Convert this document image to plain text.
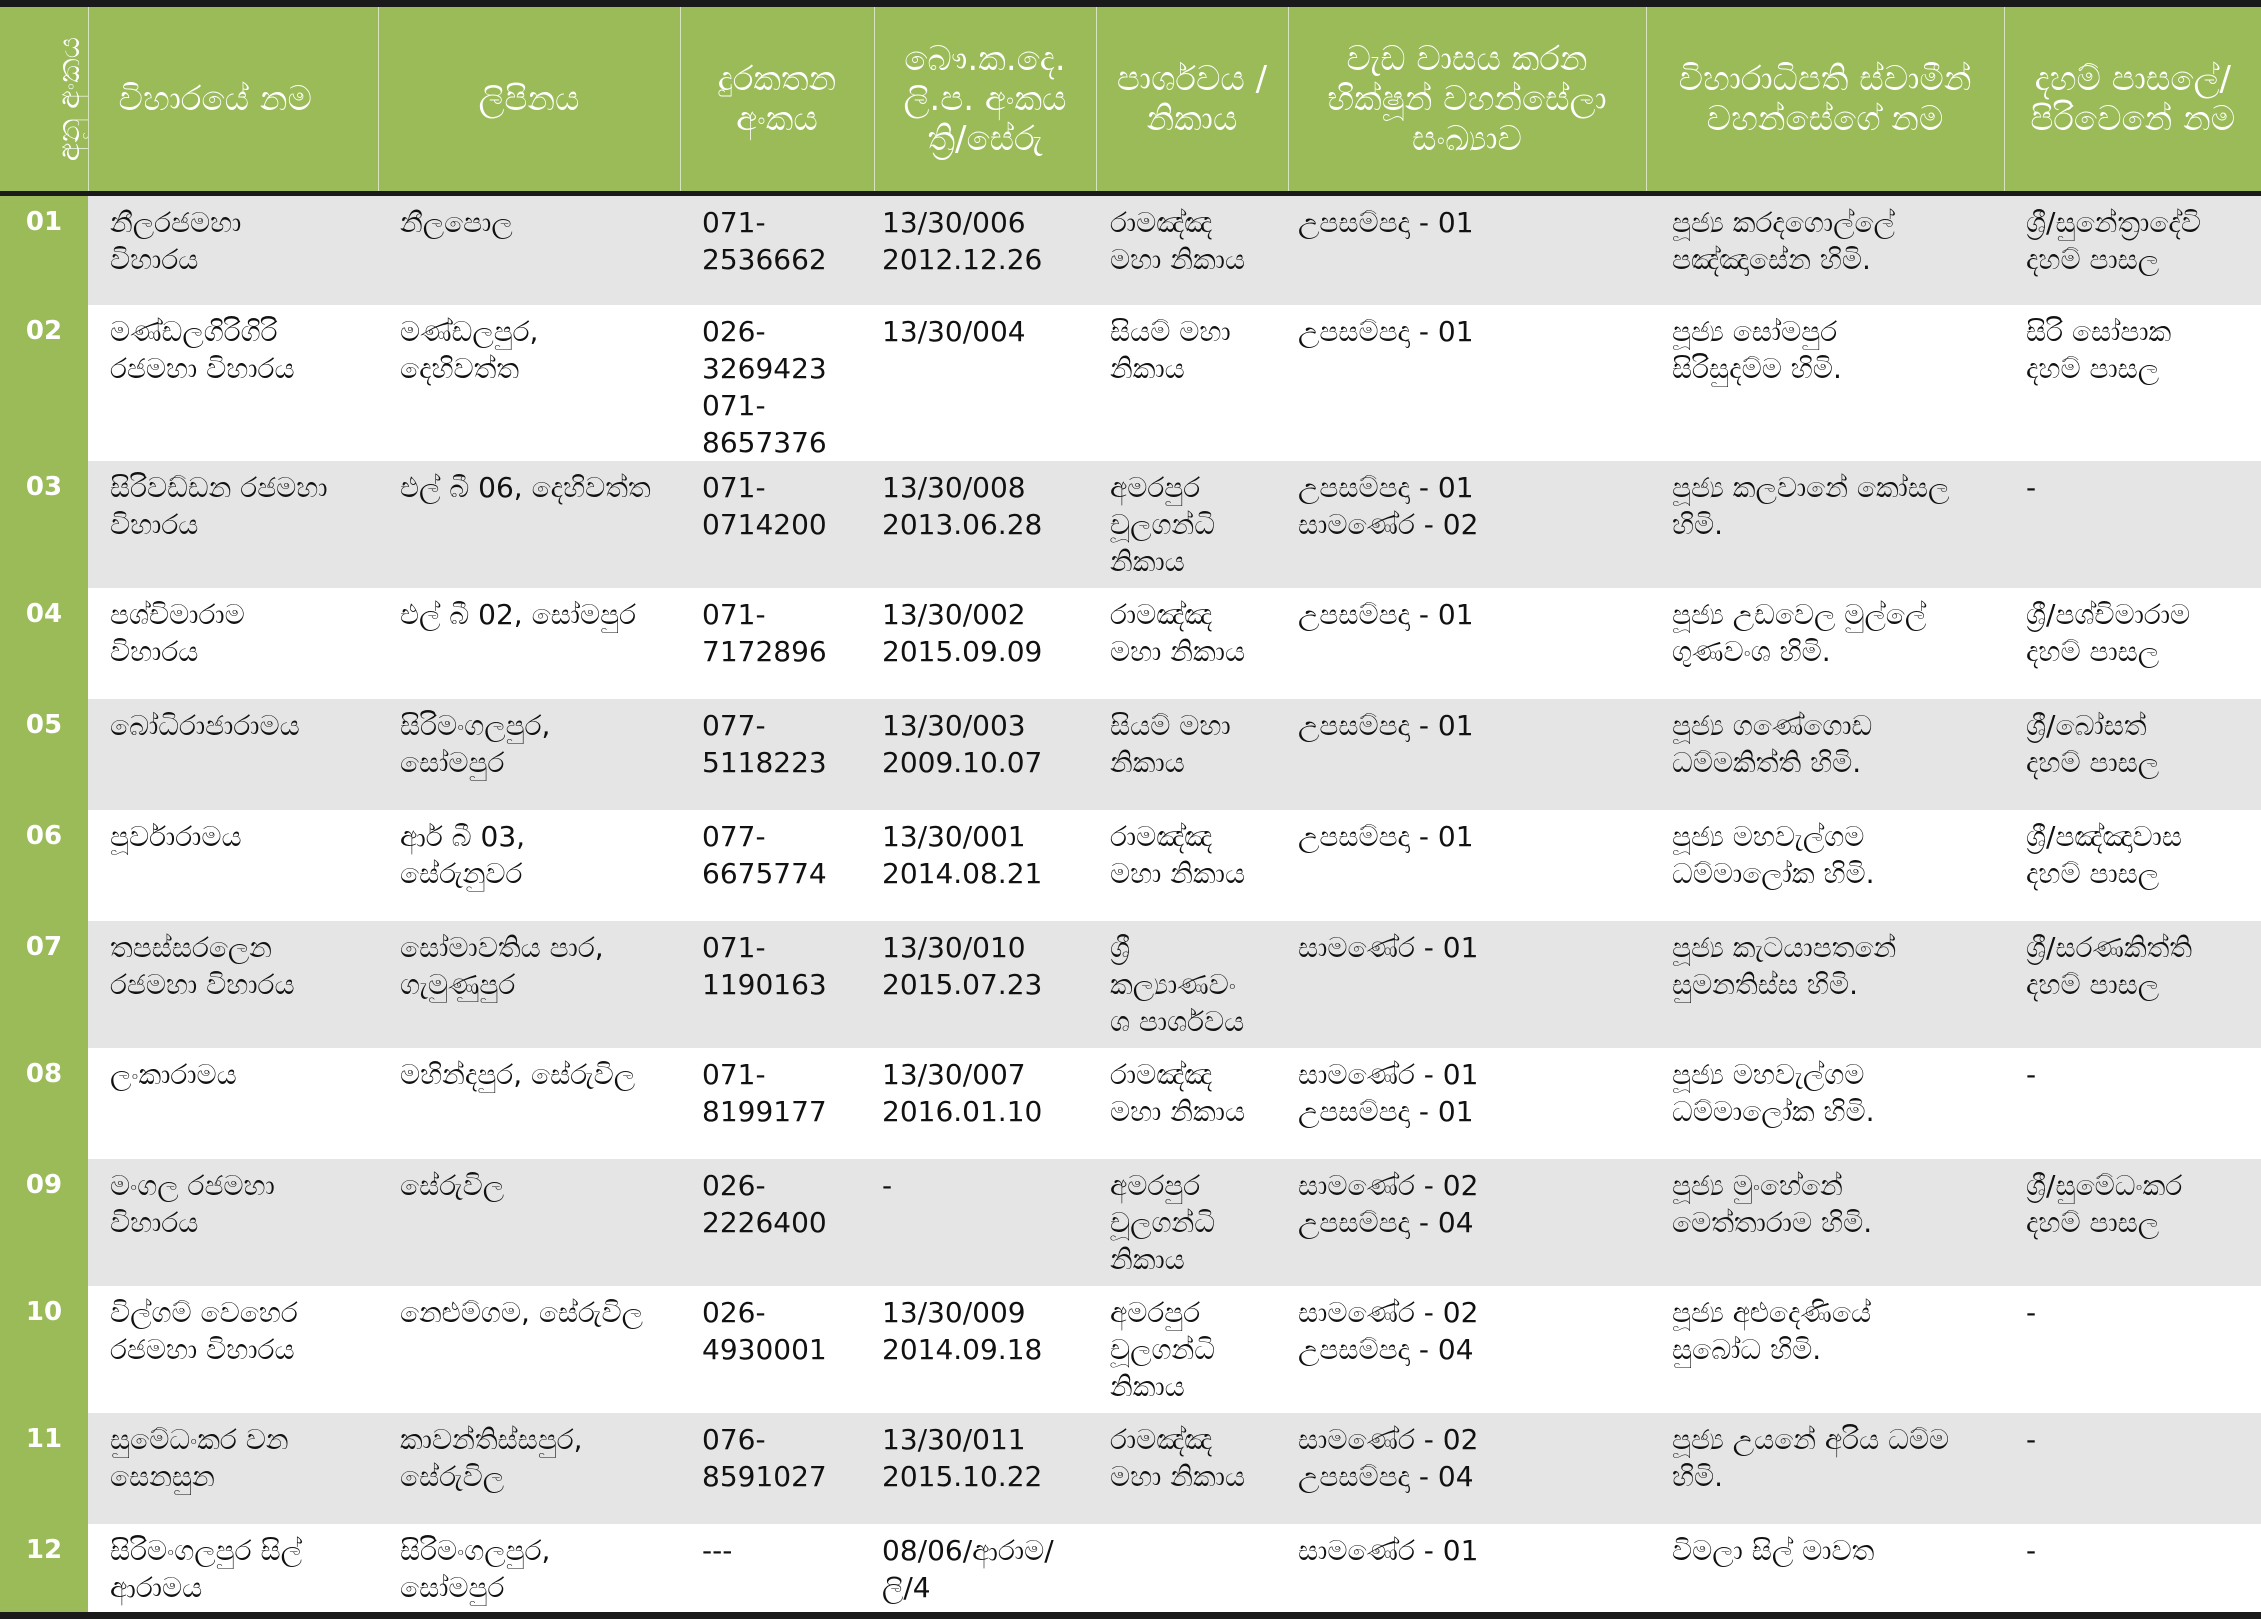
අනු අංකය	විහාරයේ නම	ලිපිනය	දුරකතන අංකය	බෞ.ක.දෙ. ලි.ප. අංකය ත්‍රි/සේරු	පාර්ශවය / නිකාය	වැඩ වාසය කරන භික්ෂූන් වහන්සේලා සංඛ්‍යාව	විහාරාධිපති ස්වාමීන් වහන්සේගේ නම	දහම් පාසලේ/ පිරිවෙනේ නම
01	නීලරජමහා
විහාරය	නීලපොල	071-2536662	13/30/006
2012.12.26	රාමඤ්ඤ
මහා නිකාය	උපසම්පදා - 01	පූජ්‍ය කරදගොල්ලේ
පඤ්ඤාසේන හිමි.	ශ්‍රී/සුනේත්‍රාදේවි
දහම් පාසල
02	මණ්ඩලගිරිගිරි
රජමහා විහාරය	මණ්ඩලපුර,
දෙහිවත්ත	026-3269423
071-8657376	13/30/004	සියම් මහා
නිකාය	උපසම්පදා - 01	පූජ්‍ය සෝමපුර
සිරිසුදම්ම හිමි.	සිරි සෝපාක
දහම් පාසල
03	සිරිවඩ්ඩන රජමහා
විහාරය	එල් බී 06, දෙහිවත්ත	071-0714200	13/30/008
2013.06.28	අමරපුර
චූලගන්ධි
නිකාය	උපසම්පදා - 01
සාමණේර - 02	පූජ්‍ය කලවානේ කෝසල
හිමි.	-
04	පශ්චිමාරාම
විහාරය	එල් බී 02, සෝමපුර	071-7172896	13/30/002
2015.09.09	රාමඤ්ඤ
මහා නිකාය	උපසම්පදා - 01	පූජ්‍ය උඩවෙල මුල්ලේ
ගුණවංශ හිමි.	ශ්‍රී/පශ්චිමාරාම
දහම් පාසල
05	බෝධිරාජාරාමය	සිරිමංගලපුර,
සෝමපුර	077-5118223	13/30/003
2009.10.07	සියම් මහා
නිකාය	උපසම්පදා - 01	පූජ්‍ය ගණේගොඩ
ධම්මකිත්ති හිමි.	ශ්‍රී/බෝසත්
දහම් පාසල
06	පූර්වාරාමය	ආර් බී 03,
සේරුනුවර	077-6675774	13/30/001
2014.08.21	රාමඤ්ඤ
මහා නිකාය	උපසම්පදා - 01	පූජ්‍ය මහවැල්ගම
ධම්මාලෝක හිමි.	ශ්‍රී/පඤ්ඤාවාස
දහම් පාසල
07	තපස්සරලෙන
රජමහා විහාරය	සෝමාවතිය පාර,
ගැමුණුපුර	071-1190163	13/30/010
2015.07.23	ශ්‍රී
කල්‍යාණවං
ශ පාර්ශවය	සාමණේර - 01	පූජ්‍ය කැටයාපතනේ
සුමනතිස්ස හිමි.	ශ්‍රී/සරණකිත්ති
දහම් පාසල
08	ලංකාරාමය	මහින්දපුර, සේරුවිල	071-8199177	13/30/007
2016.01.10	රාමඤ්ඤ
මහා නිකාය	සාමණේර - 01
උපසම්පදා - 01	පූජ්‍ය මහවැල්ගම
ධම්මාලෝක හිමි.	-
09	මංගල රජමහා
විහාරය	සේරුවිල	026-2226400	-	අමරපුර
චූලගන්ධි
නිකාය	සාමණේර - 02
උපසම්පදා - 04	පූජ්‍ය මුංහේනේ
මෙත්තාරාම හිමි.	ශ්‍රී/සුමේධංකර
දහම් පාසල
10	විල්ගම් වෙහෙර
රජමහා විහාරය	නෙළුම්ගම, සේරුවිල	026-4930001	13/30/009
2014.09.18	අමරපුර
චූලගන්ධි
නිකාය	සාමණේර - 02
උපසම්පදා - 04	පූජ්‍ය අළුදෙණියේ
සුබෝධ හිමි.	-
11	සුමේධංකර වන
සෙනසුන	කාවන්තිස්සපුර,
සේරුවිල	076-8591027	13/30/011
2015.10.22	රාමඤ්ඤ
මහා නිකාය	සාමණේර - 02
උපසම්පදා - 04	පූජ්‍ය උයනේ අරිය ධම්ම
හිමි.	-
12	සිරිමංගලපුර සිල්
ආරාමය	සිරිමංගලපුර,
සෝමපුර	---	08/06/ආරාම/
ලි/4		සාමණේර - 01	විමලා සිල් මාවත	-
